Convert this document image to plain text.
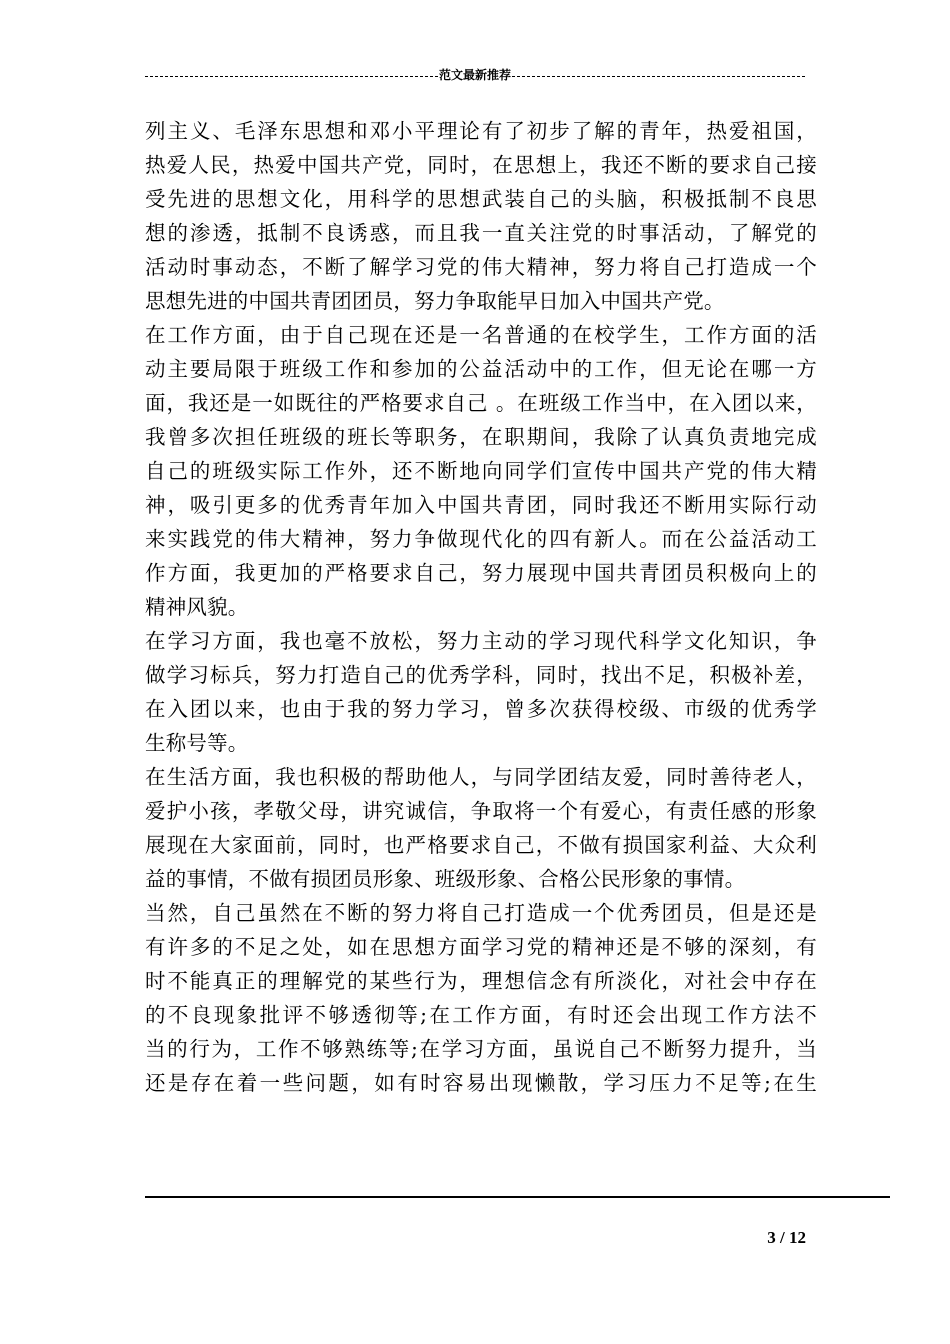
范文最新推荐
列主义、毛泽东思想和邓小平理论有了初步了解的青年，热爱祖国，
热爱人民，热爱中国共产党，同时，在思想上，我还不断的要求自己接
受先进的思想文化，用科学的思想武装自己的头脑，积极抵制不良思
想的渗透，抵制不良诱惑，而且我一直关注党的时事活动，了解党的
活动时事动态，不断了解学习党的伟大精神，努力将自己打造成一个
思想先进的中国共青团团员，努力争取能早日加入中国共产党。
在工作方面，由于自己现在还是一名普通的在校学生，工作方面的活
动主要局限于班级工作和参加的公益活动中的工作，但无论在哪一方
面，我还是一如既往的严格要求自己 。在班级工作当中，在入团以来，
我曾多次担任班级的班长等职务，在职期间，我除了认真负责地完成
自己的班级实际工作外，还不断地向同学们宣传中国共产党的伟大精
神，吸引更多的优秀青年加入中国共青团，同时我还不断用实际行动
来实践党的伟大精神，努力争做现代化的四有新人。而在公益活动工
作方面，我更加的严格要求自己，努力展现中国共青团员积极向上的
精神风貌。
在学习方面，我也毫不放松，努力主动的学习现代科学文化知识，争
做学习标兵，努力打造自己的优秀学科，同时，找出不足，积极补差，
在入团以来，也由于我的努力学习，曾多次获得校级、市级的优秀学
生称号等。
在生活方面，我也积极的帮助他人，与同学团结友爱，同时善待老人，
爱护小孩，孝敬父母，讲究诚信，争取将一个有爱心，有责任感的形象
展现在大家面前，同时，也严格要求自己，不做有损国家利益、大众利
益的事情，不做有损团员形象、班级形象、合格公民形象的事情。
当然，自己虽然在不断的努力将自己打造成一个优秀团员，但是还是
有许多的不足之处，如在思想方面学习党的精神还是不够的深刻，有
时不能真正的理解党的某些行为，理想信念有所淡化，对社会中存在
的不良现象批评不够透彻等;在工作方面，有时还会出现工作方法不
当的行为，工作不够熟练等;在学习方面，虽说自己不断努力提升，当
还是存在着一些问题，如有时容易出现懒散，学习压力不足等;在生
3 / 12
